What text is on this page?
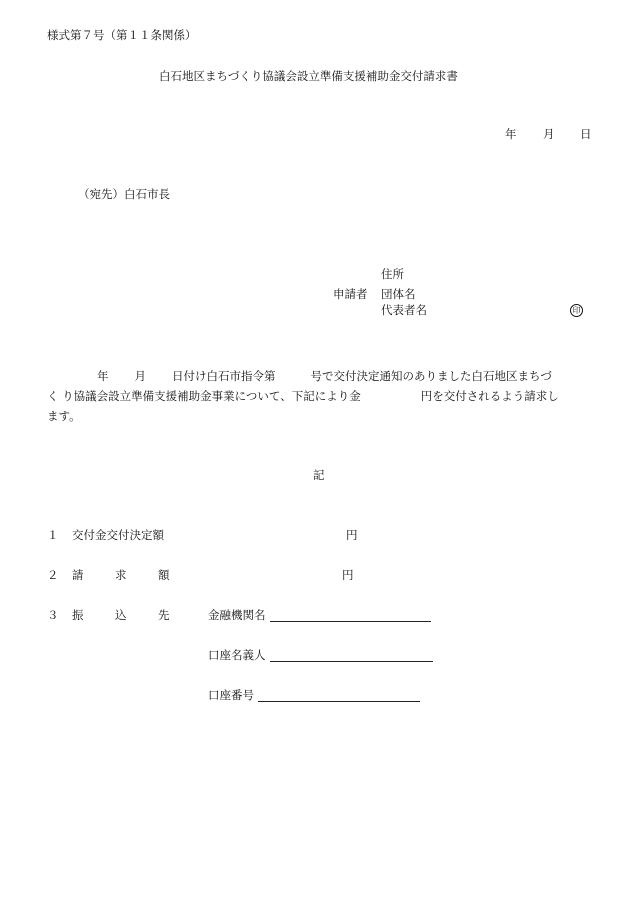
様式第７号（第１１条関係）
白石地区まちづくり協議会設立準備支援補助金交付請求書
年 月 日
（宛先）白石市長
住所
申請者 団体名
代表者名	印
年 月 日付け白石市指令第	号で交付決定通知のありました白石地区まちづ
く り協議会設立準備支援補助金事業について、下記により金	円を交付されるよう請求し
ます。
記
１ 交付金交付決定額	円
２ 請	求	額	円
３ 振	込	先	金融機関名
口座名義人
口座番号
